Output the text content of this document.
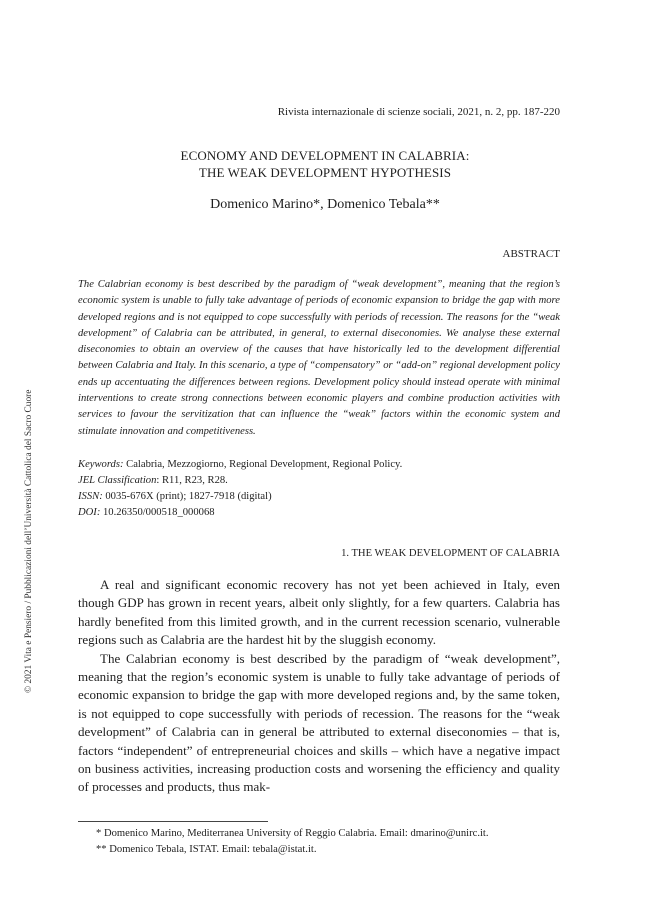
Rivista internazionale di scienze sociali, 2021, n. 2, pp. 187-220
ECONOMY AND DEVELOPMENT IN CALABRIA:
THE WEAK DEVELOPMENT HYPOTHESIS
Domenico Marino*, Domenico Tebala**
ABSTRACT

The Calabrian economy is best described by the paradigm of “weak development”, meaning that the region’s economic system is unable to fully take advantage of periods of economic expansion to bridge the gap with more developed regions and is not equipped to cope successfully with periods of recession. The reasons for the “weak development” of Calabria can be attributed, in general, to external diseconomies. We analyse these external diseconomies to obtain an overview of the causes that have historically led to the development differential between Calabria and Italy. In this scenario, a type of “compensatory” or “add-on” regional development policy ends up accentuating the differences between regions. Development policy should instead operate with minimal interventions to create strong connections between economic players and combine production activities with services to favour the servitization that can influence the “weak” factors within the economic system and stimulate innovation and competitiveness.

Keywords: Calabria, Mezzogiorno, Regional Development, Regional Policy.
JEL Classification: R11, R23, R28.
ISSN: 0035-676X (print); 1827-7918 (digital)
DOI: 10.26350/000518_000068
1. THE WEAK DEVELOPMENT OF CALABRIA

A real and significant economic recovery has not yet been achieved in Italy, even though GDP has grown in recent years, albeit only slightly, for a few quarters. Calabria has hardly benefited from this limited growth, and in the current recession scenario, vulnerable regions such as Calabria are the hardest hit by the sluggish economy.

The Calabrian economy is best described by the paradigm of “weak development”, meaning that the region’s economic system is unable to fully take advantage of periods of economic expansion to bridge the gap with more developed regions and, by the same token, is not equipped to cope successfully with periods of recession. The reasons for the “weak development” of Calabria can in general be attributed to external diseconomies – that is, factors “independent” of entrepreneurial choices and skills – which have a negative impact on business activities, increasing production costs and worsening the efficiency and quality of processes and products, thus mak-

* Domenico Marino, Mediterranea University of Reggio Calabria. Email: dmarino@unirc.it.
** Domenico Tebala, ISTAT. Email: tebala@istat.it.
© 2021 Vita e Pensiero / Pubblicazioni dell’Università Cattolica del Sacro Cuore
